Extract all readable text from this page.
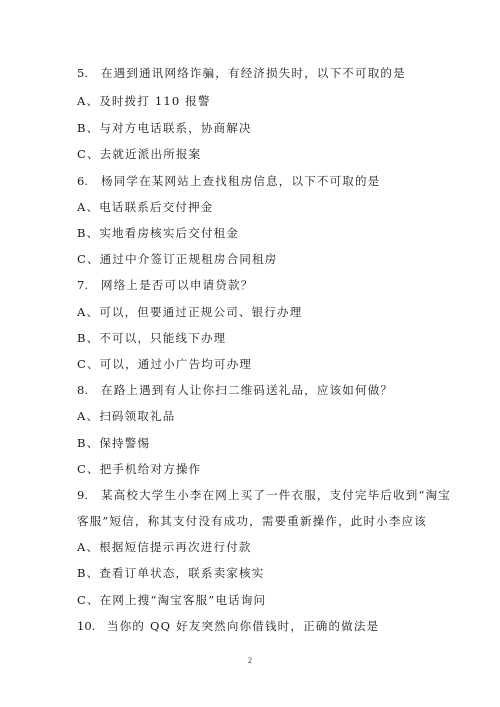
5. 在遇到通讯网络诈骗，有经济损失时，以下不可取的是
A、及时拨打 110 报警
B、与对方电话联系，协商解决
C、去就近派出所报案
6. 杨同学在某网站上查找租房信息，以下不可取的是
A、电话联系后交付押金
B、实地看房核实后交付租金
C、通过中介签订正规租房合同租房
7. 网络上是否可以申请贷款？
A、可以，但要通过正规公司、银行办理
B、不可以，只能线下办理
C、可以，通过小广告均可办理
8. 在路上遇到有人让你扫二维码送礼品，应该如何做？
A、扫码领取礼品
B、保持警惕
C、把手机给对方操作
9. 某高校大学生小李在网上买了一件衣服，支付完毕后收到“淘宝
客服”短信，称其支付没有成功，需要重新操作，此时小李应该
A、根据短信提示再次进行付款
B、查看订单状态，联系卖家核实
C、在网上搜“淘宝客服”电话询问
10. 当你的 QQ 好友突然向你借钱时，正确的做法是
2
